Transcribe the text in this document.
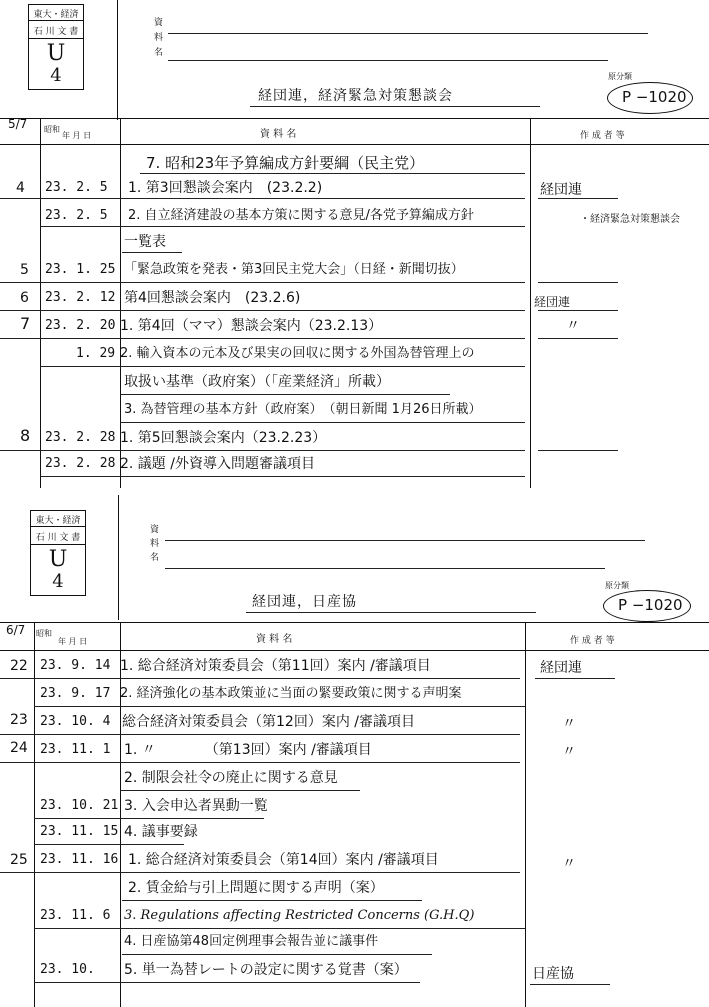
東大・経済
石 川 文 書
U
4
資
料
名
経団連，経済緊急対策懇談会
原分類
P −1020
5/7 昭和
年 月 日	資 料 名	作 成 者 等
7. 昭和23年予算編成方針要綱（民主党）
4 23. 2. 5 1. 第3回懇談会案内　(23.2.2)	経団連
23. 2. 5 2. 自立経済建設の基本方策に関する意見/各党予算編成方針	・経済緊急対策懇談会
一覧表
5 23. 1. 25 「緊急政策を発表・第3回民主党大会」（日経・新聞切抜）
6 23. 2. 12 第4回懇談会案内　(23.2.6)	経団連
7 23. 2. 20 1. 第4回（ママ）懇談会案内（23.2.13）	〃
1. 29 2. 輸入資本の元本及び果実の回収に関する外国為替管理上の
取扱い基準（政府案）（「産業経済」所載）
3. 為替管理の基本方針（政府案）　（朝日新聞 1月26日所載）
8 23. 2. 28 1. 第5回懇談会案内（23.2.23）
23. 2. 28 2. 議題 /外資導入問題審議項目
東大・経済
石 川 文 書
U
4
資
料
名
経団連，日産協
原分類
P −1020
6/7 昭和
年 月 日	資 料 名	作 成 者 等
22 23. 9. 14 1. 総合経済対策委員会（第11回）案内 /審議項目	経団連
23. 9. 17 2. 経済強化の基本政策並に当面の緊要政策に関する声明案
23 23. 10. 4 総合経済対策委員会（第12回）案内 /審議項目	〃
24 23. 11. 1 1. 〃　　　　（第13回）案内 /審議項目	〃
2. 制限会社令の廃止に関する意見
23. 10. 21 3. 入会申込者異動一覧
23. 11. 15 4. 議事要録
25 23. 11. 16 1. 総合経済対策委員会（第14回）案内 /審議項目	〃
2. 賃金給与引上問題に関する声明（案）
23. 11. 6 3. Regulations affecting Restricted Concerns (G.H.Q)
4. 日産協第48回定例理事会報告並に議事件
23. 10. 5. 単一為替レートの設定に関する覚書（案）	日産協
